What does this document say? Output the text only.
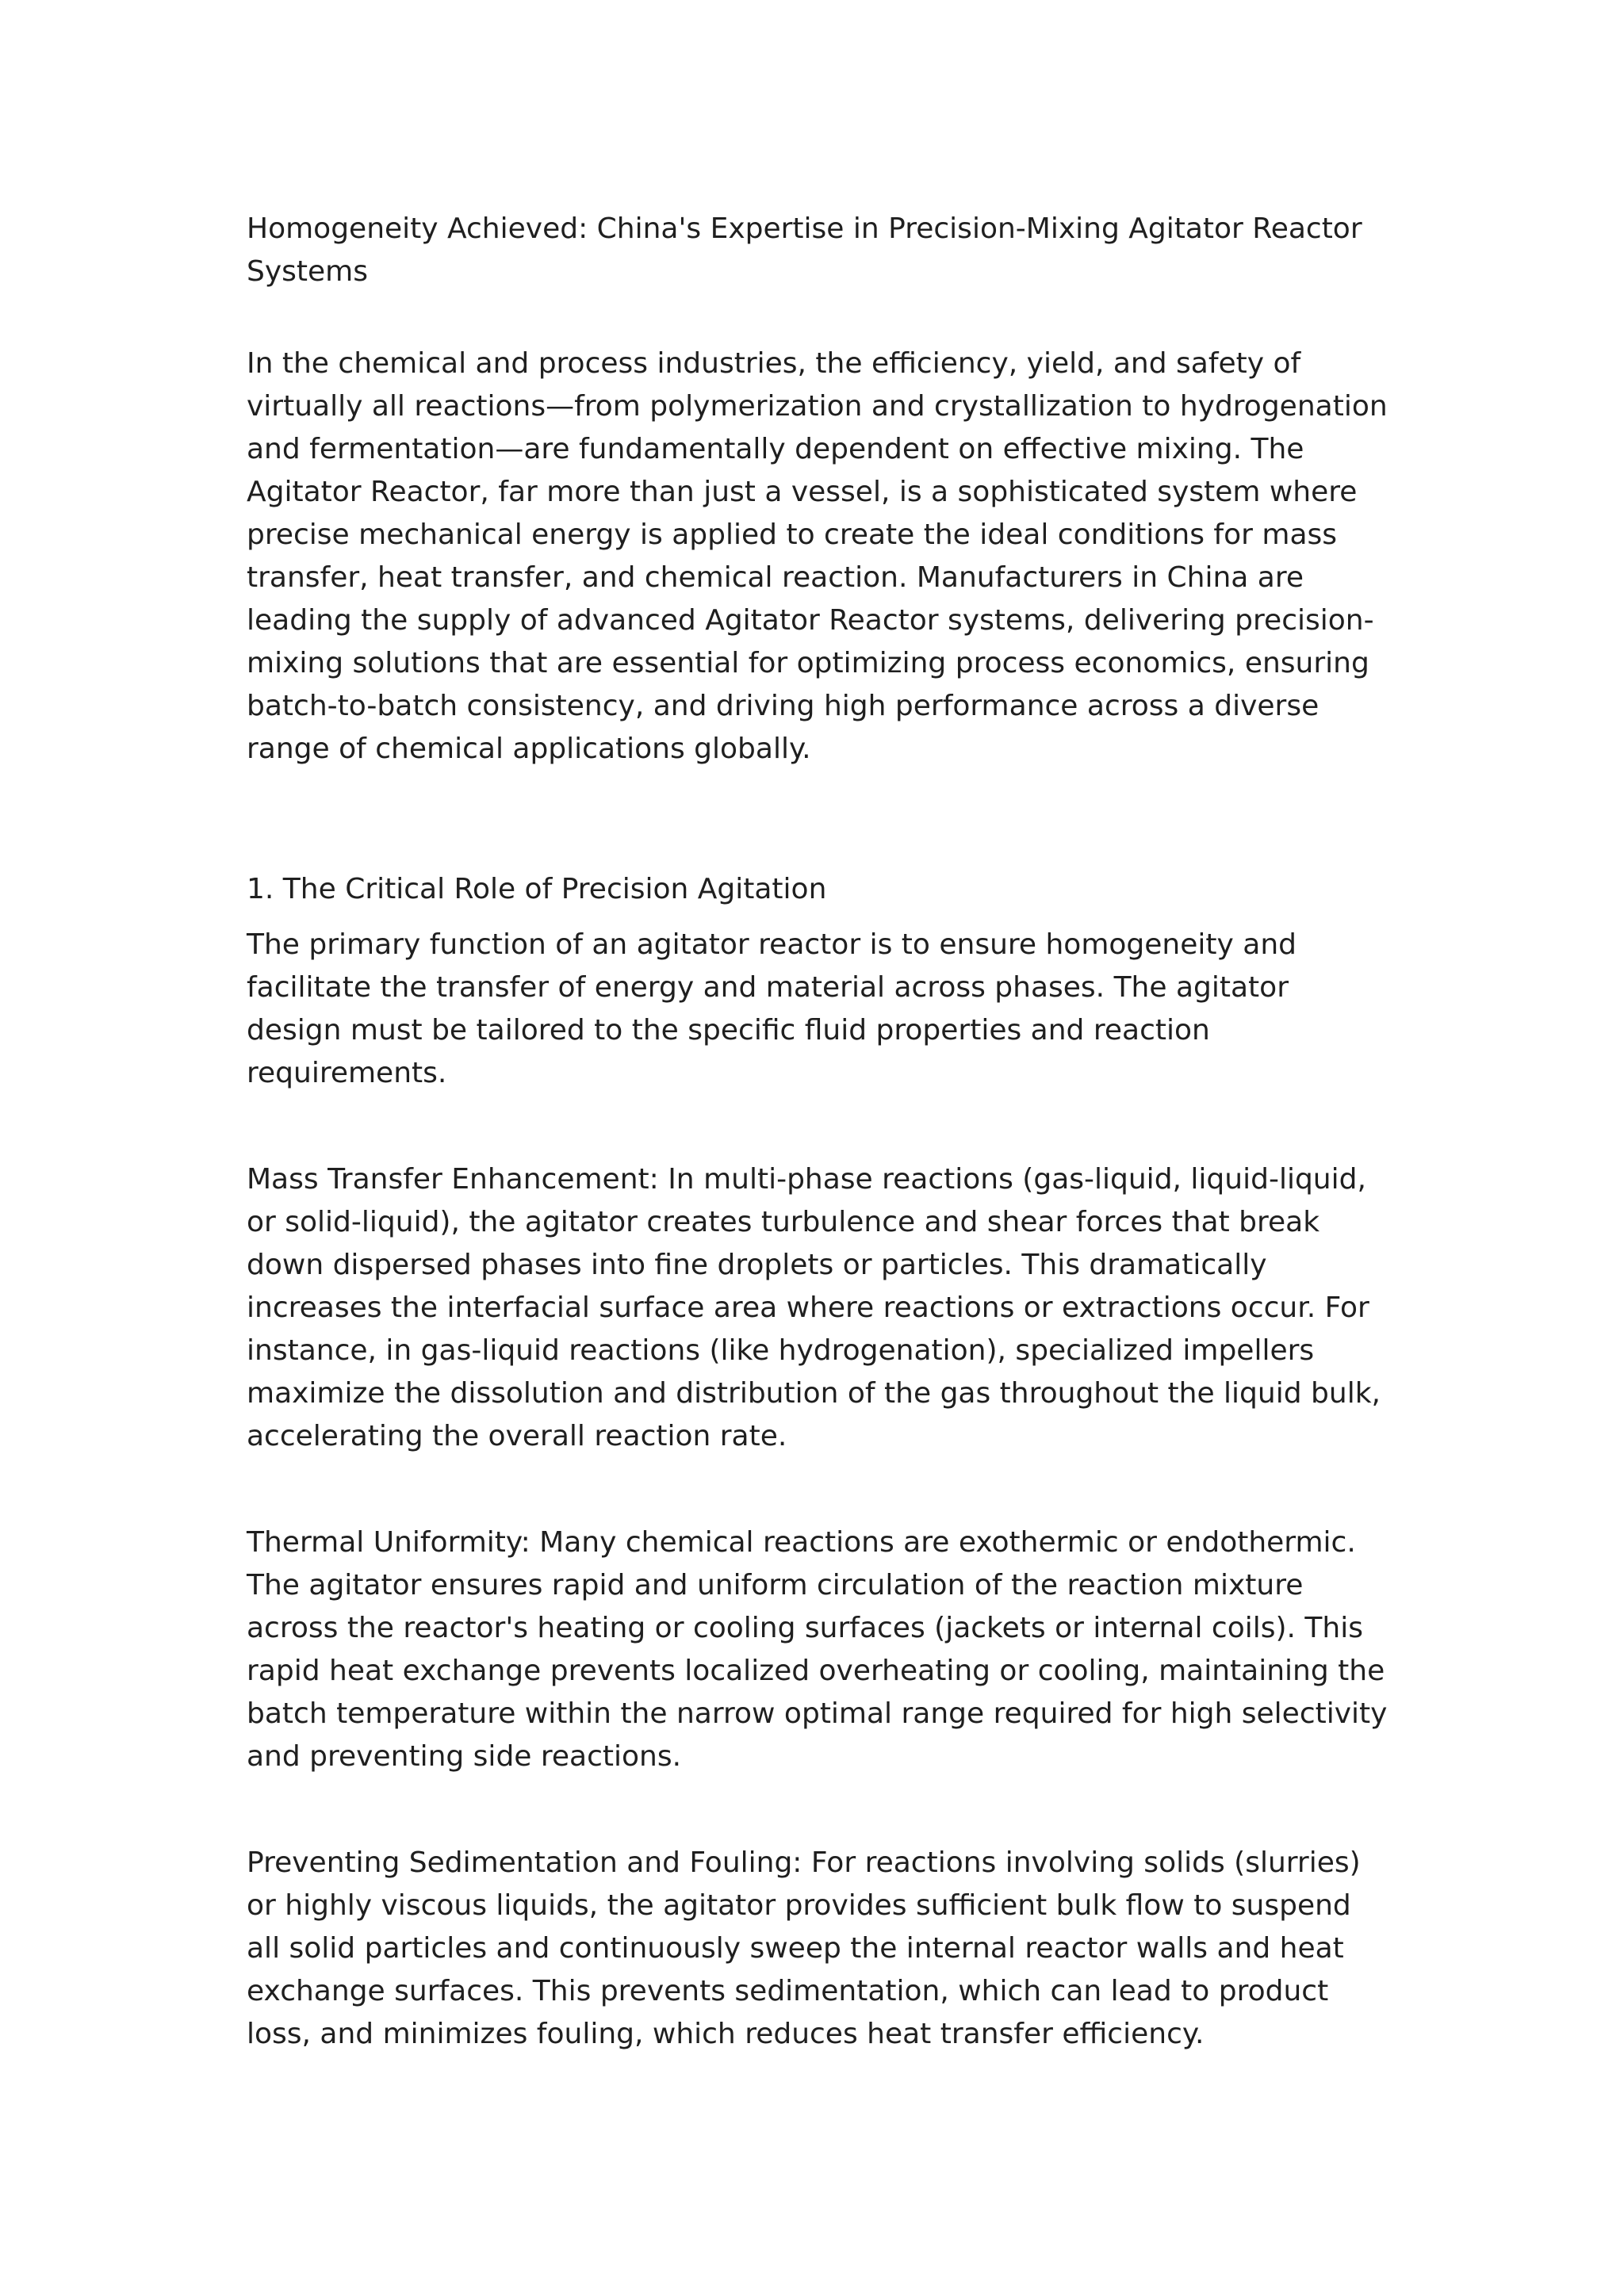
Homogeneity Achieved: China's Expertise in Precision-Mixing Agitator Reactor Systems

In the chemical and process industries, the efficiency, yield, and safety of virtually all reactions—from polymerization and crystallization to hydrogenation and fermentation—are fundamentally dependent on effective mixing. The Agitator Reactor, far more than just a vessel, is a sophisticated system where precise mechanical energy is applied to create the ideal conditions for mass transfer, heat transfer, and chemical reaction. Manufacturers in China are leading the supply of advanced Agitator Reactor systems, delivering precision-mixing solutions that are essential for optimizing process economics, ensuring batch-to-batch consistency, and driving high performance across a diverse range of chemical applications globally.

1. The Critical Role of Precision Agitation

The primary function of an agitator reactor is to ensure homogeneity and facilitate the transfer of energy and material across phases. The agitator design must be tailored to the specific fluid properties and reaction requirements.

Mass Transfer Enhancement: In multi-phase reactions (gas-liquid, liquid-liquid, or solid-liquid), the agitator creates turbulence and shear forces that break down dispersed phases into fine droplets or particles. This dramatically increases the interfacial surface area where reactions or extractions occur. For instance, in gas-liquid reactions (like hydrogenation), specialized impellers maximize the dissolution and distribution of the gas throughout the liquid bulk, accelerating the overall reaction rate.

Thermal Uniformity: Many chemical reactions are exothermic or endothermic. The agitator ensures rapid and uniform circulation of the reaction mixture across the reactor's heating or cooling surfaces (jackets or internal coils). This rapid heat exchange prevents localized overheating or cooling, maintaining the batch temperature within the narrow optimal range required for high selectivity and preventing side reactions.

Preventing Sedimentation and Fouling: For reactions involving solids (slurries) or highly viscous liquids, the agitator provides sufficient bulk flow to suspend all solid particles and continuously sweep the internal reactor walls and heat exchange surfaces. This prevents sedimentation, which can lead to product loss, and minimizes fouling, which reduces heat transfer efficiency.
